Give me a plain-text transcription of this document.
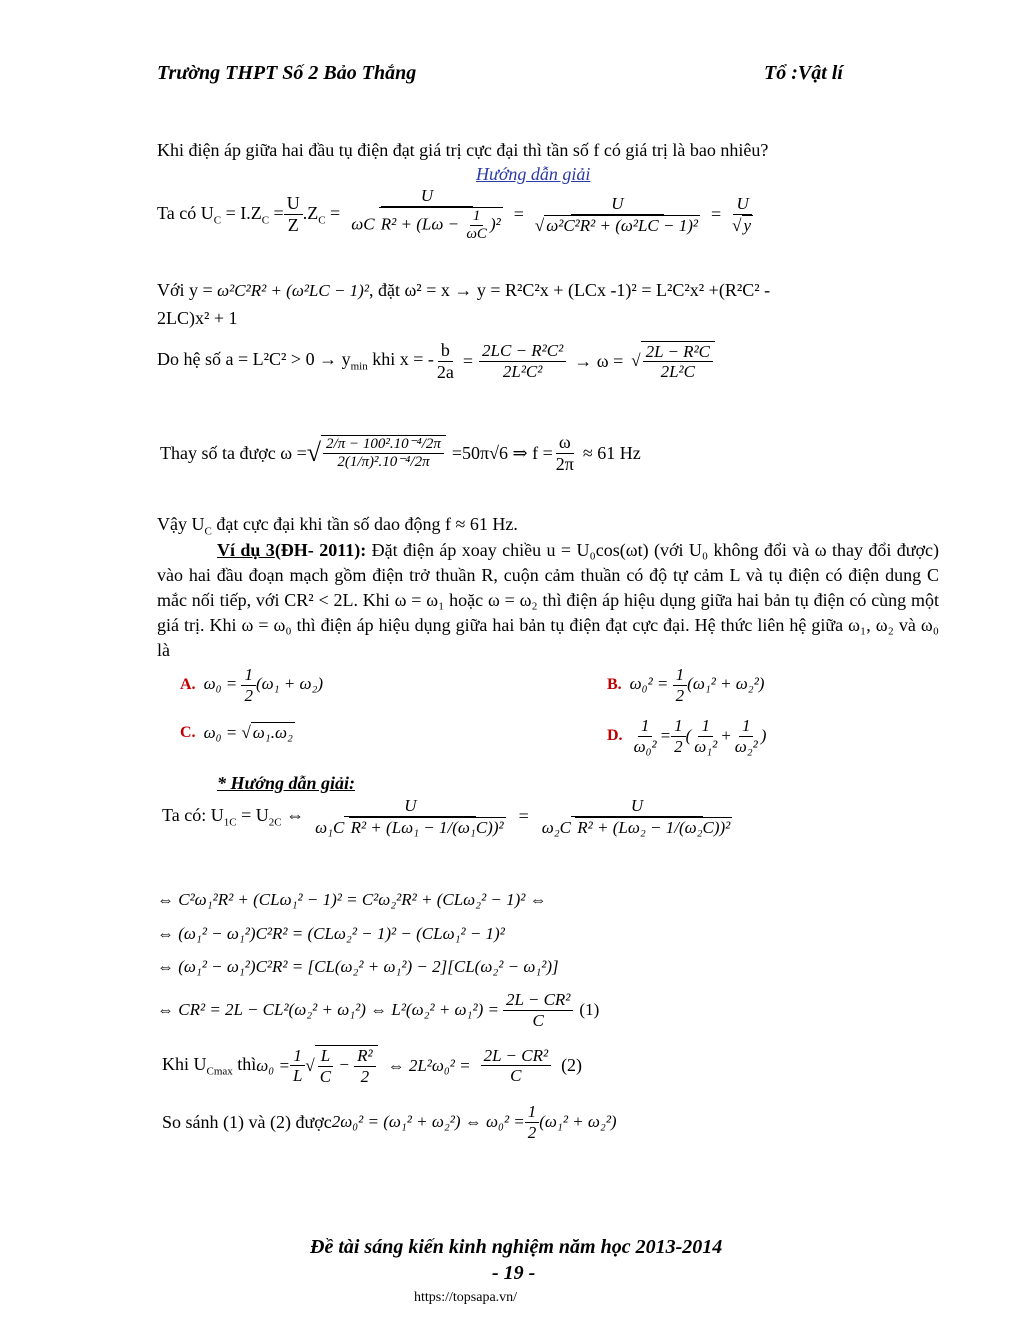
Trường THPT Số 2 Bảo Thắng	Tổ :Vật lí
Khi điện áp giữa hai đầu tụ điện đạt giá trị cực đại thì tần số f có giá trị là bao nhiêu?
Hướng dẫn giải
Ta có $U_C = I.Z_C = \frac{U}{Z} .Z_C = \frac{U}{\omega C R^2 + (L\omega - \frac{1}{\omega C} )^2} = \frac{U}{\text{√ ω²C²R² + (ω²LC − 1)²}} = \frac{U}{√ y}$
Với y = ω²C²R² + (ω²LC − 1)², đặt ω² = x → y = R²C²x + (LCx -1)² = L²C²x² +(R²C² -
2LC)x² + 1
Do hệ số $a = L^2C^2 > 0 \to y_{min}$ khi x = - $\frac{b}{2a} = \frac{\text{2LC − R²C²}}{\text{2L²C²}} \to \omega$ = √ $\frac{\text{2L − R²C}}{\text{2L²C}}$
Thay số ta được ω = √ 2/π − 100².10⁻⁴/2π
2(1/π)².10⁻⁴/2π =50π√6 ⇒ $f = \frac{\omega}{2\pi} \approx 61$ Hz
Vậy $U_C$ đạt cực đại khi tần số dao động f ≈ 61 Hz.
Ví dụ 3(ĐH- 2011): Đặt điện áp xoay chiều u = U₀cos(ωt) (với U₀ không đổi và ω thay đổi được) vào hai đầu đoạn mạch gồm điện trở thuần R, cuộn cảm thuần có độ tự cảm L và tụ điện có điện dung C mắc nối tiếp, với CR² < 2L. Khi ω = ω₁ hoặc ω = ω₂ thì điện áp hiệu dụng giữa hai bản tụ điện có cùng một giá trị. Khi ω = ω₀ thì điện áp hiệu dụng giữa hai bản tụ điện đạt cực đại. Hệ thức liên hệ giữa ω₁, ω₂ và ω₀ là
A. $\omega_0 = \frac{1}{2} (\omega_1 + \omega_2)$	B. $\omega_0^2 = \frac{1}{2} (\omega_1^2 + \omega_2^2)$
C. ω₀ = √ ω₁.ω₂	D. $\frac{1}{\text{ω₀²}} = \frac{1}{2}$ ( $\frac{1}{\text{ω₁²}} + \frac{1}{\text{ω₂²}}$ )
* Hướng dẫn giải:
Ta có: $U_{1C} = U_{2C}$ ⇔ $\frac{U}{\text{ω₁C R² + (Lω₁ − 1/(ω₁C))²}} = \frac{U}{\text{ω₂C R² + (Lω₂ − 1/(ω₂C))²}}$
⇔ C²ω₁²R² + (CLω₁² − 1)² = C²ω₂²R² + (CLω₂² − 1)² ⇔
⇔ (ω₁² − ω₁²)C²R² = (CLω₂² − 1)² − (CLω₁² − 1)²
⇔ (ω₁² − ω₁²)C²R² = [CL(ω₂² + ω₁²) − 2][CL(ω₂² − ω₁²)]
⇔ CR² = 2L − CL²(ω₂² + ω₁²) ⇔ $L^2(\omega_2^2 + \omega_1^2) = \frac{\text{2L − CR²}}{C} (1)$
Khi $U_{Cmax}$ thì $\omega_0 = \frac{1}{L}$ √ $\frac{L}{C} - \frac{\text{R²}}{2}$ ⇔ $2L^2\omega_0^2 = \frac{\text{2L − CR²}}{C} (2)$
So sánh (1) và (2) được 2ω₀² = (ω₁² + ω₂²) ⇔ $\omega_0^2 = \frac{1}{2} (\omega_1^2 + \omega_2^2)$
Đề tài sáng kiến kinh nghiệm năm học 2013-2014
- 19 -
https://topsapa.vn/
